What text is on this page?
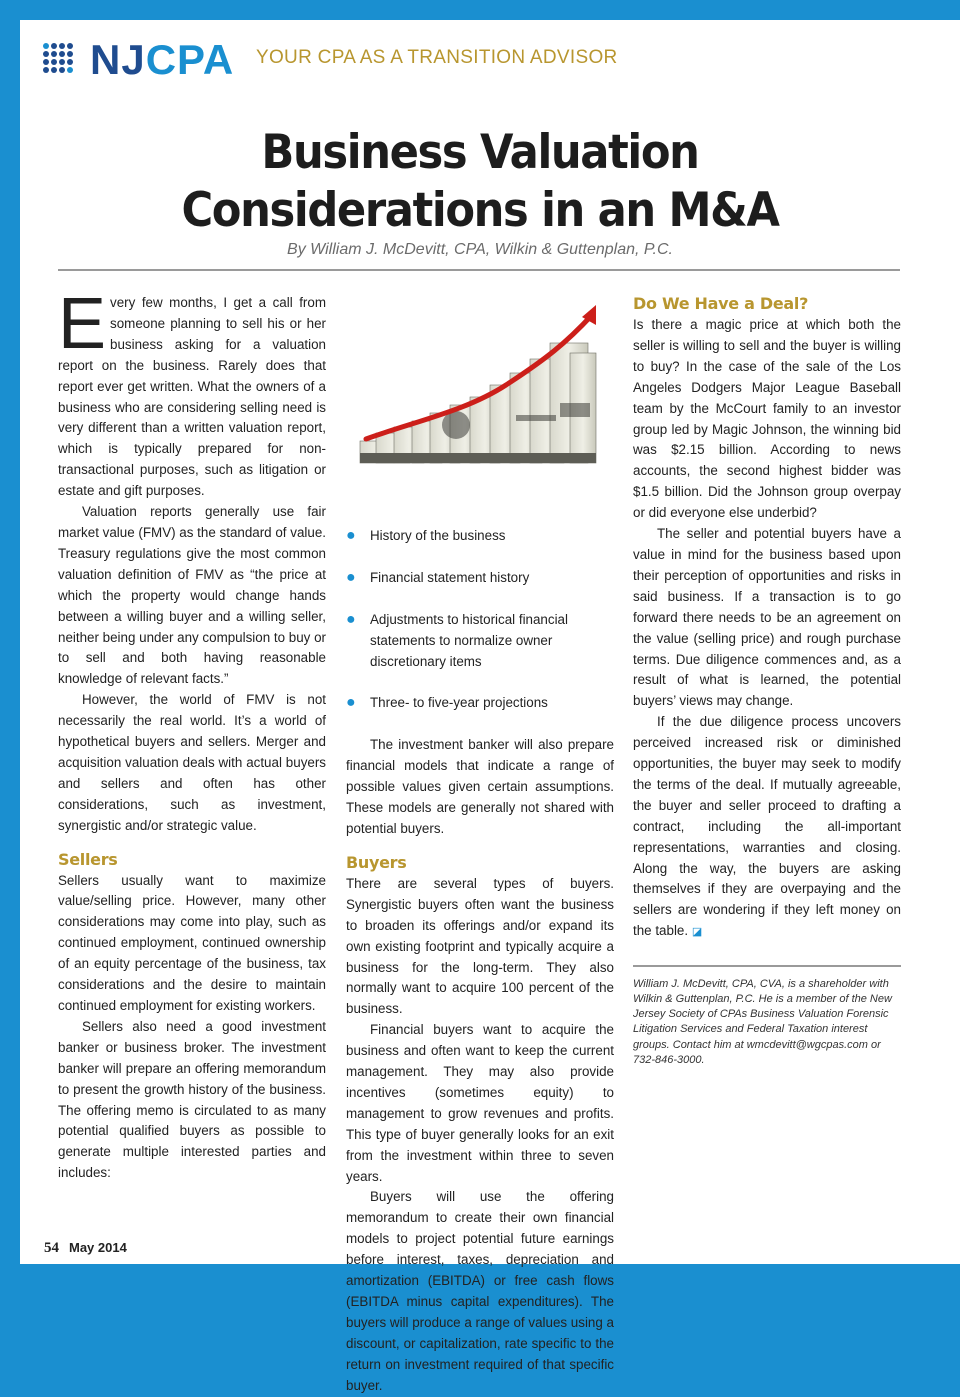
NJCPA YOUR CPA AS A TRANSITION ADVISOR
Business Valuation
Considerations in an M&A
By William J. McDevitt, CPA, Wilkin & Guttenplan, P.C.

Every few months, I get a call from someone planning to sell his or her business asking for a valuation report on the business. Rarely does that report ever get written. What the owners of a business who are considering selling need is very different than a written valuation report, which is typically prepared for non-transactional purposes, such as litigation or estate and gift purposes.

Valuation reports generally use fair market value (FMV) as the standard of value. Treasury regulations give the most common valuation definition of FMV as “the price at which the property would change hands between a willing buyer and a willing seller, neither being under any compulsion to buy or to sell and both having reasonable knowledge of relevant facts.”

However, the world of FMV is not necessarily the real world. It’s a world of hypothetical buyers and sellers. Merger and acquisition valuation deals with actual buyers and sellers and often has other considerations, such as investment, synergistic and/or strategic value.

Sellers

Sellers usually want to maximize value/selling price. However, many other considerations may come into play, such as continued employment, continued ownership of an equity percentage of the business, tax considerations and the desire to maintain continued employment for existing workers.

Sellers also need a good investment banker or business broker. The investment banker will prepare an offering memorandum to present the growth history of the business. The offering memo is circulated to as many potential qualified buyers as possible to generate multiple interested parties and includes:

● History of the business
● Financial statement history
● Adjustments to historical financial statements to normalize owner discretionary items
● Three- to five-year projections

The investment banker will also prepare financial models that indicate a range of possible values given certain assumptions. These models are generally not shared with potential buyers.

Buyers

There are several types of buyers. Synergistic buyers often want the business to broaden its offerings and/or expand its own existing footprint and typically acquire a business for the long-term. They also normally want to acquire 100 percent of the business.

Financial buyers want to acquire the business and often want to keep the current management. They may also provide incentives (sometimes equity) to management to grow revenues and profits. This type of buyer generally looks for an exit from the investment within three to seven years.

Buyers will use the offering memorandum to create their own financial models to project potential future earnings before interest, taxes, depreciation and amortization (EBITDA) or free cash flows (EBITDA minus capital expenditures). The buyers will produce a range of values using a discount, or capitalization, rate specific to the return on investment required of that specific buyer.

Do We Have a Deal?

Is there a magic price at which both the seller is willing to sell and the buyer is willing to buy? In the case of the sale of the Los Angeles Dodgers Major League Baseball team by the McCourt family to an investor group led by Magic Johnson, the winning bid was $2.15 billion. According to news accounts, the second highest bidder was $1.5 billion. Did the Johnson group overpay or did everyone else underbid?

The seller and potential buyers have a value in mind for the business based upon their perception of opportunities and risks in said business. If a transaction is to go forward there needs to be an agreement on the value (selling price) and rough purchase terms. Due diligence commences and, as a result of what is learned, the potential buyers’ views may change.

If the due diligence process uncovers perceived increased risk or diminished opportunities, the buyer may seek to modify the terms of the deal. If mutually agreeable, the buyer and seller proceed to drafting a contract, including the all-important representations, warranties and closing. Along the way, the buyers are asking themselves if they are overpaying and the sellers are wondering if they left money on the table. ◪

William J. McDevitt, CPA, CVA, is a shareholder with Wilkin & Guttenplan, P.C. He is a member of the New Jersey Society of CPAs Business Valuation Forensic Litigation Services and Federal Taxation interest groups. Contact him at wmcdevitt@wgcpas.com or 732-846-3000.
54 May 2014
